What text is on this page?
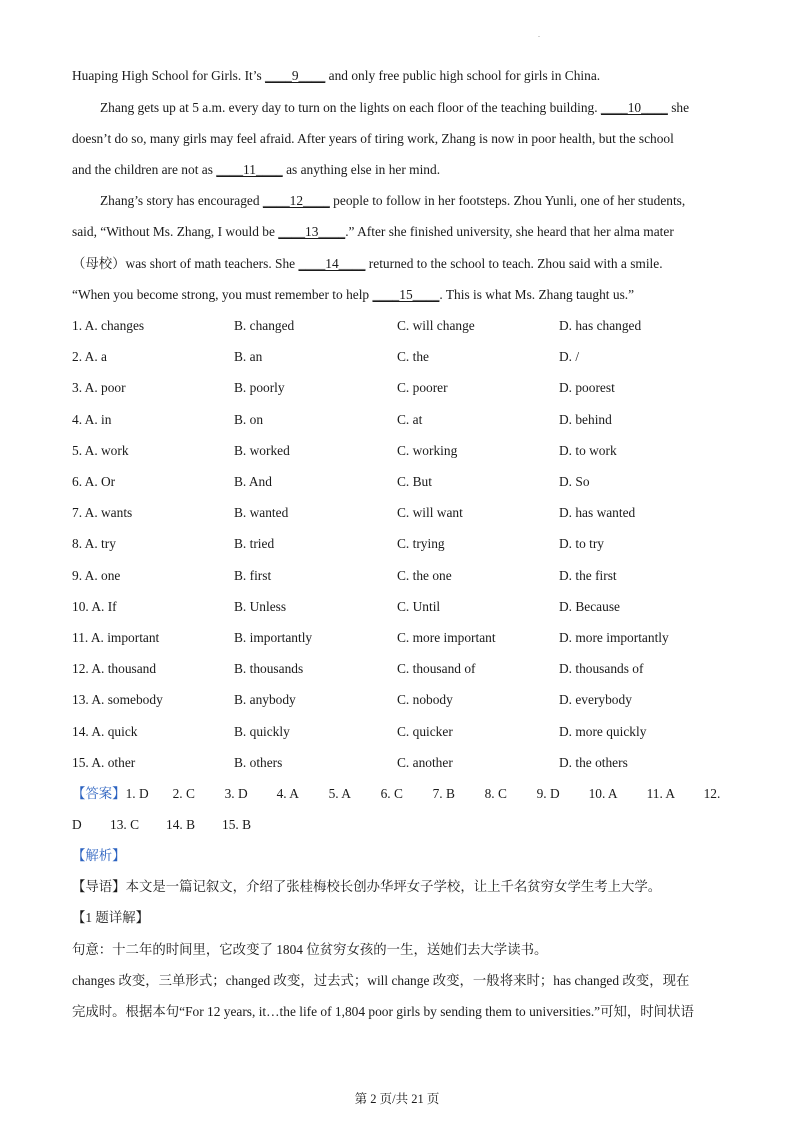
.
Huaping High School for Girls. It’s ____9____ and only free public high school for girls in China.
Zhang gets up at 5 a.m. every day to turn on the lights on each floor of the teaching building. ____10____ she
doesn’t do so, many girls may feel afraid. After years of tiring work, Zhang is now in poor health, but the school
and the children are not as ____11____ as anything else in her mind.
Zhang’s story has encouraged ____12____ people to follow in her footsteps. Zhou Yunli, one of her students,
said, “Without Ms. Zhang, I would be ____13____.” After she finished university, she heard that her alma mater
（母校）was short of math teachers. She ____14____ returned to the school to teach. Zhou said with a smile.
“When you become strong, you must remember to help ____15____. This is what Ms. Zhang taught us.”
1. A. changes	B. changed	C. will change	D. has changed
2. A. a	B. an	C. the	D. /
3. A. poor	B. poorly	C. poorer	D. poorest
4. A. in	B. on	C. at	D. behind
5. A. work	B. worked	C. working	D. to work
6. A. Or	B. And	C. But	D. So
7. A. wants	B. wanted	C. will want	D. has wanted
8. A. try	B. tried	C. trying	D. to try
9. A. one	B. first	C. the one	D. the first
10. A. If	B. Unless	C. Until	D. Because
11. A. important	B. importantly	C. more important	D. more importantly
12. A. thousand	B. thousands	C. thousand of	D. thousands of
13. A. somebody	B. anybody	C. nobody	D. everybody
14. A. quick	B. quickly	C. quicker	D. more quickly
15. A. other	B. others	C. another	D. the others
【答案】1. D 2. C 3. D 4. A 5. A 6. C 7. B 8. C 9. D 10. A 11. A 12.
D 13. C 14. B 15. B
【解析】
【导语】本文是一篇记叙文，介绍了张桂梅校长创办华坪女子学校，让上千名贫穷女学生考上大学。
【1 题详解】
句意：十二年的时间里，它改变了 1804 位贫穷女孩的一生，送她们去大学读书。
changes 改变，三单形式；changed 改变，过去式；will change 改变，一般将来时；has changed 改变，现在
完成时。根据本句“For 12 years, it…the life of 1,804 poor girls by sending them to universities.”可知，时间状语
第 2 页/共 21 页
